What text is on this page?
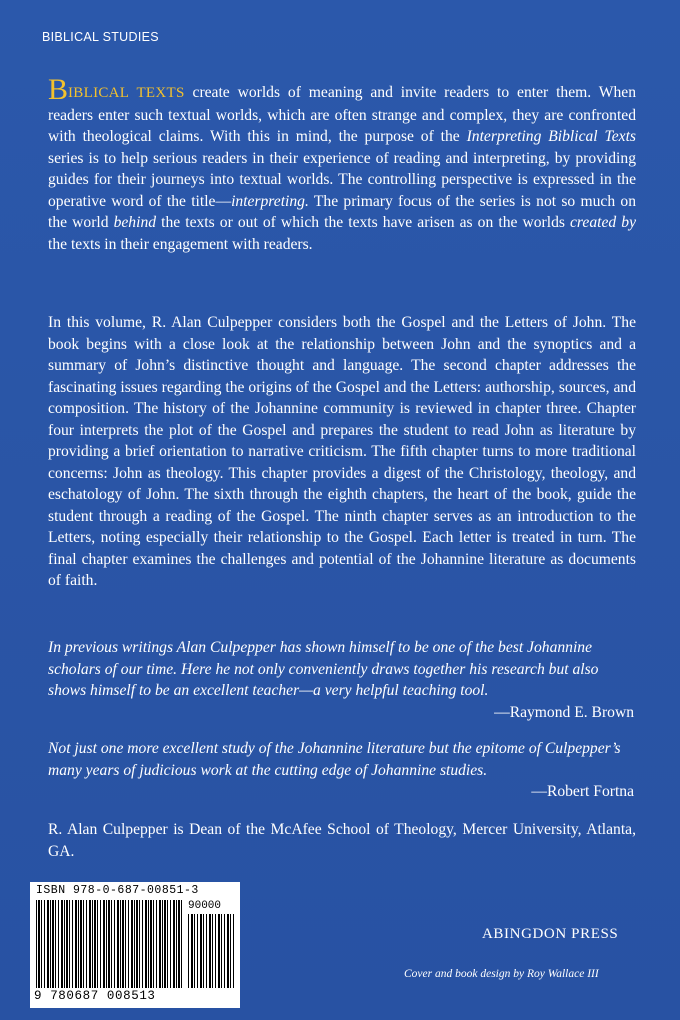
BIBLICAL STUDIES
BIBLICAL TEXTS create worlds of meaning and invite readers to enter them. When readers enter such textual worlds, which are often strange and complex, they are confronted with theological claims. With this in mind, the purpose of the Interpreting Biblical Texts series is to help serious readers in their experience of reading and interpreting, by providing guides for their journeys into textual worlds. The controlling perspective is expressed in the operative word of the title—interpreting. The primary focus of the series is not so much on the world behind the texts or out of which the texts have arisen as on the worlds created by the texts in their engagement with readers.
In this volume, R. Alan Culpepper considers both the Gospel and the Letters of John. The book begins with a close look at the relationship between John and the synoptics and a summary of John’s distinctive thought and language. The second chapter addresses the fascinating issues regarding the origins of the Gospel and the Letters: authorship, sources, and composition. The history of the Johannine community is reviewed in chapter three. Chapter four interprets the plot of the Gospel and prepares the student to read John as literature by providing a brief orientation to narrative criticism. The fifth chapter turns to more traditional concerns: John as theology. This chapter provides a digest of the Christology, theology, and eschatology of John. The sixth through the eighth chapters, the heart of the book, guide the student through a reading of the Gospel. The ninth chapter serves as an introduction to the Letters, noting especially their relationship to the Gospel. Each letter is treated in turn. The final chapter examines the challenges and potential of the Johannine literature as documents of faith.
In previous writings Alan Culpepper has shown himself to be one of the best Johannine scholars of our time. Here he not only conveniently draws together his research but also shows himself to be an excellent teacher—a very helpful teaching tool.
—Raymond E. Brown
Not just one more excellent study of the Johannine literature but the epitome of Culpepper’s many years of judicious work at the cutting edge of Johannine studies.
—Robert Fortna
R. Alan Culpepper is Dean of the McAfee School of Theology, Mercer University, Atlanta, GA.
ISBN 978-0-687-00851-3
90000
9 780687 008513
ABINGDON PRESS
Cover and book design by Roy Wallace III
